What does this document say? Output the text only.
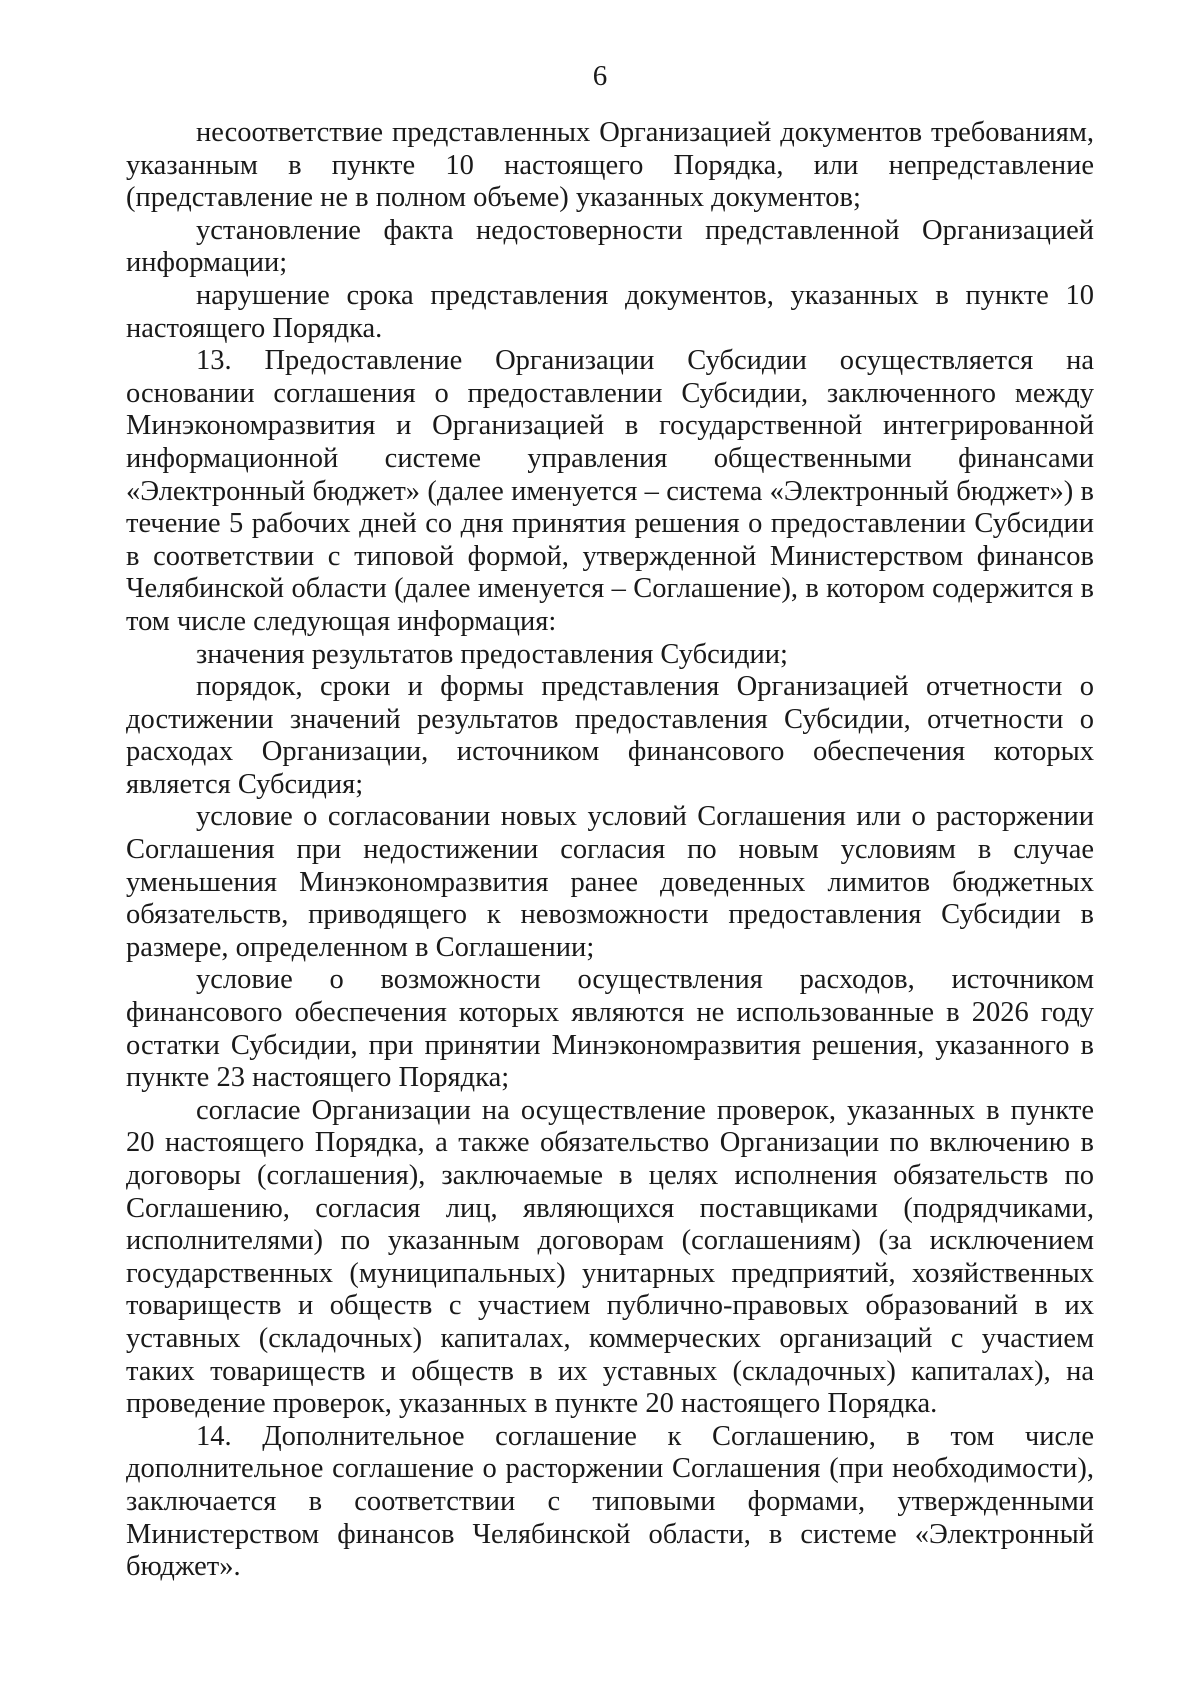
6

несоответствие представленных Организацией документов требованиям, указанным в пункте 10 настоящего Порядка, или непредставление (представление не в полном объеме) указанных документов;

установление факта недостоверности представленной Организацией информации;

нарушение срока представления документов, указанных в пункте 10 настоящего Порядка.

13. Предоставление Организации Субсидии осуществляется на основании соглашения о предоставлении Субсидии, заключенного между Минэкономразвития и Организацией в государственной интегрированной информационной системе управления общественными финансами «Электронный бюджет» (далее именуется – система «Электронный бюджет») в течение 5 рабочих дней со дня принятия решения о предоставлении Субсидии в соответствии с типовой формой, утвержденной Министерством финансов Челябинской области (далее именуется – Соглашение), в котором содержится в том числе следующая информация:

значения результатов предоставления Субсидии;

порядок, сроки и формы представления Организацией отчетности о достижении значений результатов предоставления Субсидии, отчетности о расходах Организации, источником финансового обеспечения которых является Субсидия;

условие о согласовании новых условий Соглашения или о расторжении Соглашения при недостижении согласия по новым условиям в случае уменьшения Минэкономразвития ранее доведенных лимитов бюджетных обязательств, приводящего к невозможности предоставления Субсидии в размере, определенном в Соглашении;

условие о возможности осуществления расходов, источником финансового обеспечения которых являются не использованные в 2026 году остатки Субсидии, при принятии Минэкономразвития решения, указанного в пункте 23 настоящего Порядка;

согласие Организации на осуществление проверок, указанных в пункте 20 настоящего Порядка, а также обязательство Организации по включению в договоры (соглашения), заключаемые в целях исполнения обязательств по Соглашению, согласия лиц, являющихся поставщиками (подрядчиками, исполнителями) по указанным договорам (соглашениям) (за исключением государственных (муниципальных) унитарных предприятий, хозяйственных товариществ и обществ с участием публично-правовых образований в их уставных (складочных) капиталах, коммерческих организаций с участием таких товариществ и обществ в их уставных (складочных) капиталах), на проведение проверок, указанных в пункте 20 настоящего Порядка.

14. Дополнительное соглашение к Соглашению, в том числе дополнительное соглашение о расторжении Соглашения (при необходимости), заключается в соответствии с типовыми формами, утвержденными Министерством финансов Челябинской области, в системе «Электронный бюджет».
